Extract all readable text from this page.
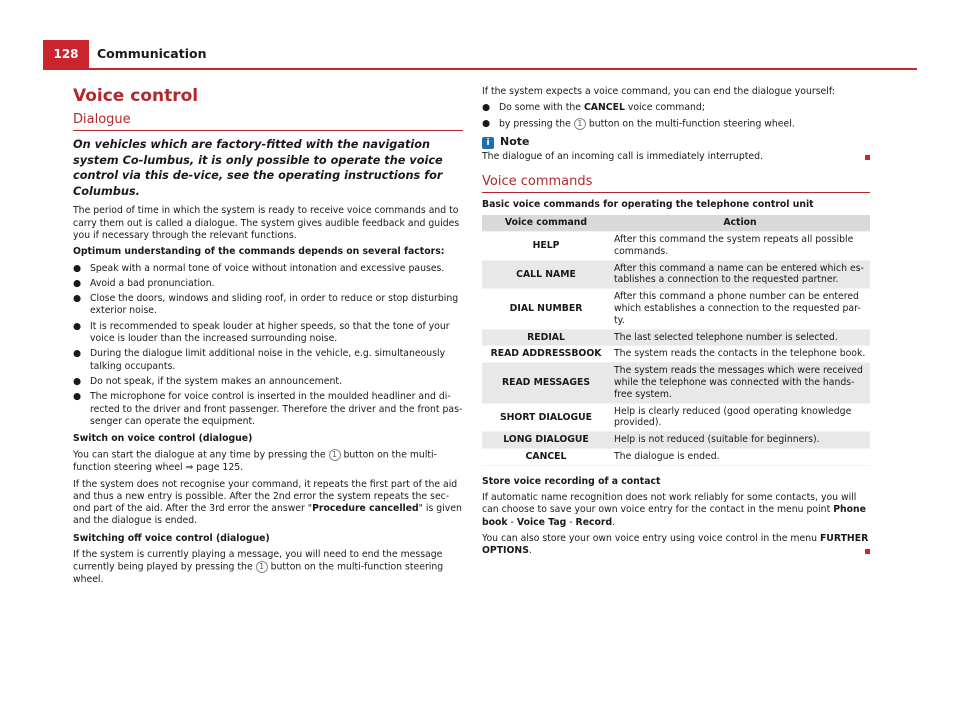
128	Communication
Voice control
Dialogue

On vehicles which are factory-fitted with the navigation system Co-lumbus, it is only possible to operate the voice control via this de-vice, see the operating instructions for Columbus.

The period of time in which the system is ready to receive voice commands and to carry them out is called a dialogue. The system gives audible feedback and guides you if necessary through the relevant functions.

Optimum understanding of the commands depends on several factors:

● Speak with a normal tone of voice without intonation and excessive pauses.
● Avoid a bad pronunciation.
● Close the doors, windows and sliding roof, in order to reduce or stop disturbing exterior noise.
● It is recommended to speak louder at higher speeds, so that the tone of your voice is louder than the increased surrounding noise.
● During the dialogue limit additional noise in the vehicle, e.g. simultaneously talking occupants.
● Do not speak, if the system makes an announcement.
● The microphone for voice control is inserted in the moulded headliner and di-rected to the driver and front passenger. Therefore the driver and the front pas-senger can operate the equipment.

Switch on voice control (dialogue)

You can start the dialogue at any time by pressing the 1 button on the multi-function steering wheel ⇒ page 125.

If the system does not recognise your command, it repeats the first part of the aid and thus a new entry is possible. After the 2nd error the system repeats the sec-ond part of the aid. After the 3rd error the answer "Procedure cancelled" is given and the dialogue is ended.

Switching off voice control (dialogue)

If the system is currently playing a message, you will need to end the message currently being played by pressing the 1 button on the multi-function steering wheel.

If the system expects a voice command, you can end the dialogue yourself:

● Do some with the CANCEL voice command;
● by pressing the 1 button on the multi-function steering wheel.
i Note

The dialogue of an incoming call is immediately interrupted.

Voice commands

Basic voice commands for operating the telephone control unit

Voice command	Action
HELP	After this command the system repeats all possible commands.
CALL NAME	After this command a name can be entered which es-tablishes a connection to the requested partner.
DIAL NUMBER	After this command a phone number can be entered which establishes a connection to the requested par-ty.
REDIAL	The last selected telephone number is selected.
READ ADDRESSBOOK	The system reads the contacts in the telephone book.
READ MESSAGES	The system reads the messages which were received while the telephone was connected with the hands-free system.
SHORT DIALOGUE	Help is clearly reduced (good operating knowledge provided).
LONG DIALOGUE	Help is not reduced (suitable for beginners).
CANCEL	The dialogue is ended.

Store voice recording of a contact

If automatic name recognition does not work reliably for some contacts, you will can choose to save your own voice entry for the contact in the menu point Phone book - Voice Tag - Record.

You can also store your own voice entry using voice control in the menu FURTHER OPTIONS.
